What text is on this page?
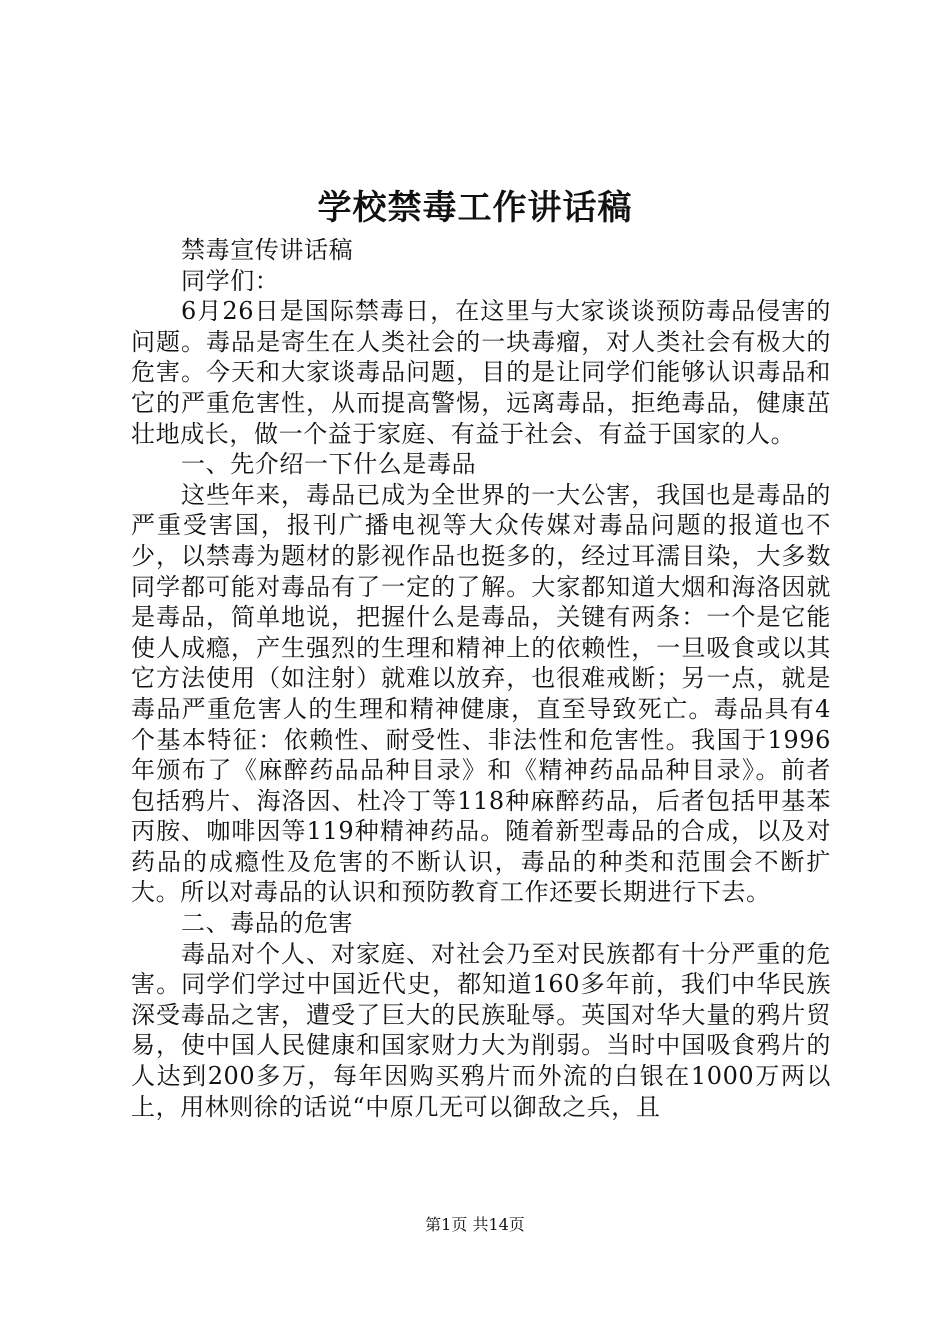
学校禁毒工作讲话稿

禁毒宣传讲话稿

同学们：

6月26日是国际禁毒日，在这里与大家谈谈预防毒品侵害的问题。毒品是寄生在人类社会的一块毒瘤，对人类社会有极大的危害。今天和大家谈毒品问题，目的是让同学们能够认识毒品和它的严重危害性，从而提高警惕，远离毒品，拒绝毒品，健康茁壮地成长，做一个益于家庭、有益于社会、有益于国家的人。

一、先介绍一下什么是毒品

这些年来，毒品已成为全世界的一大公害，我国也是毒品的严重受害国，报刊广播电视等大众传媒对毒品问题的报道也不少，以禁毒为题材的影视作品也挺多的，经过耳濡目染，大多数同学都可能对毒品有了一定的了解。大家都知道大烟和海洛因就是毒品，简单地说，把握什么是毒品，关键有两条：一个是它能使人成瘾，产生强烈的生理和精神上的依赖性，一旦吸食或以其它方法使用（如注射）就难以放弃，也很难戒断；另一点，就是毒品严重危害人的生理和精神健康，直至导致死亡。毒品具有4个基本特征：依赖性、耐受性、非法性和危害性。我国于1996年颁布了《麻醉药品品种目录》和《精神药品品种目录》。前者包括鸦片、海洛因、杜冷丁等118种麻醉药品，后者包括甲基苯丙胺、咖啡因等119种精神药品。随着新型毒品的合成，以及对药品的成瘾性及危害的不断认识，毒品的种类和范围会不断扩大。所以对毒品的认识和预防教育工作还要长期进行下去。

二、毒品的危害

毒品对个人、对家庭、对社会乃至对民族都有十分严重的危害。同学们学过中国近代史，都知道160多年前，我们中华民族深受毒品之害，遭受了巨大的民族耻辱。英国对华大量的鸦片贸易，使中国人民健康和国家财力大为削弱。当时中国吸食鸦片的人达到200多万，每年因购买鸦片而外流的白银在1000万两以上，用林则徐的话说“中原几无可以御敌之兵，且

第1页 共14页
